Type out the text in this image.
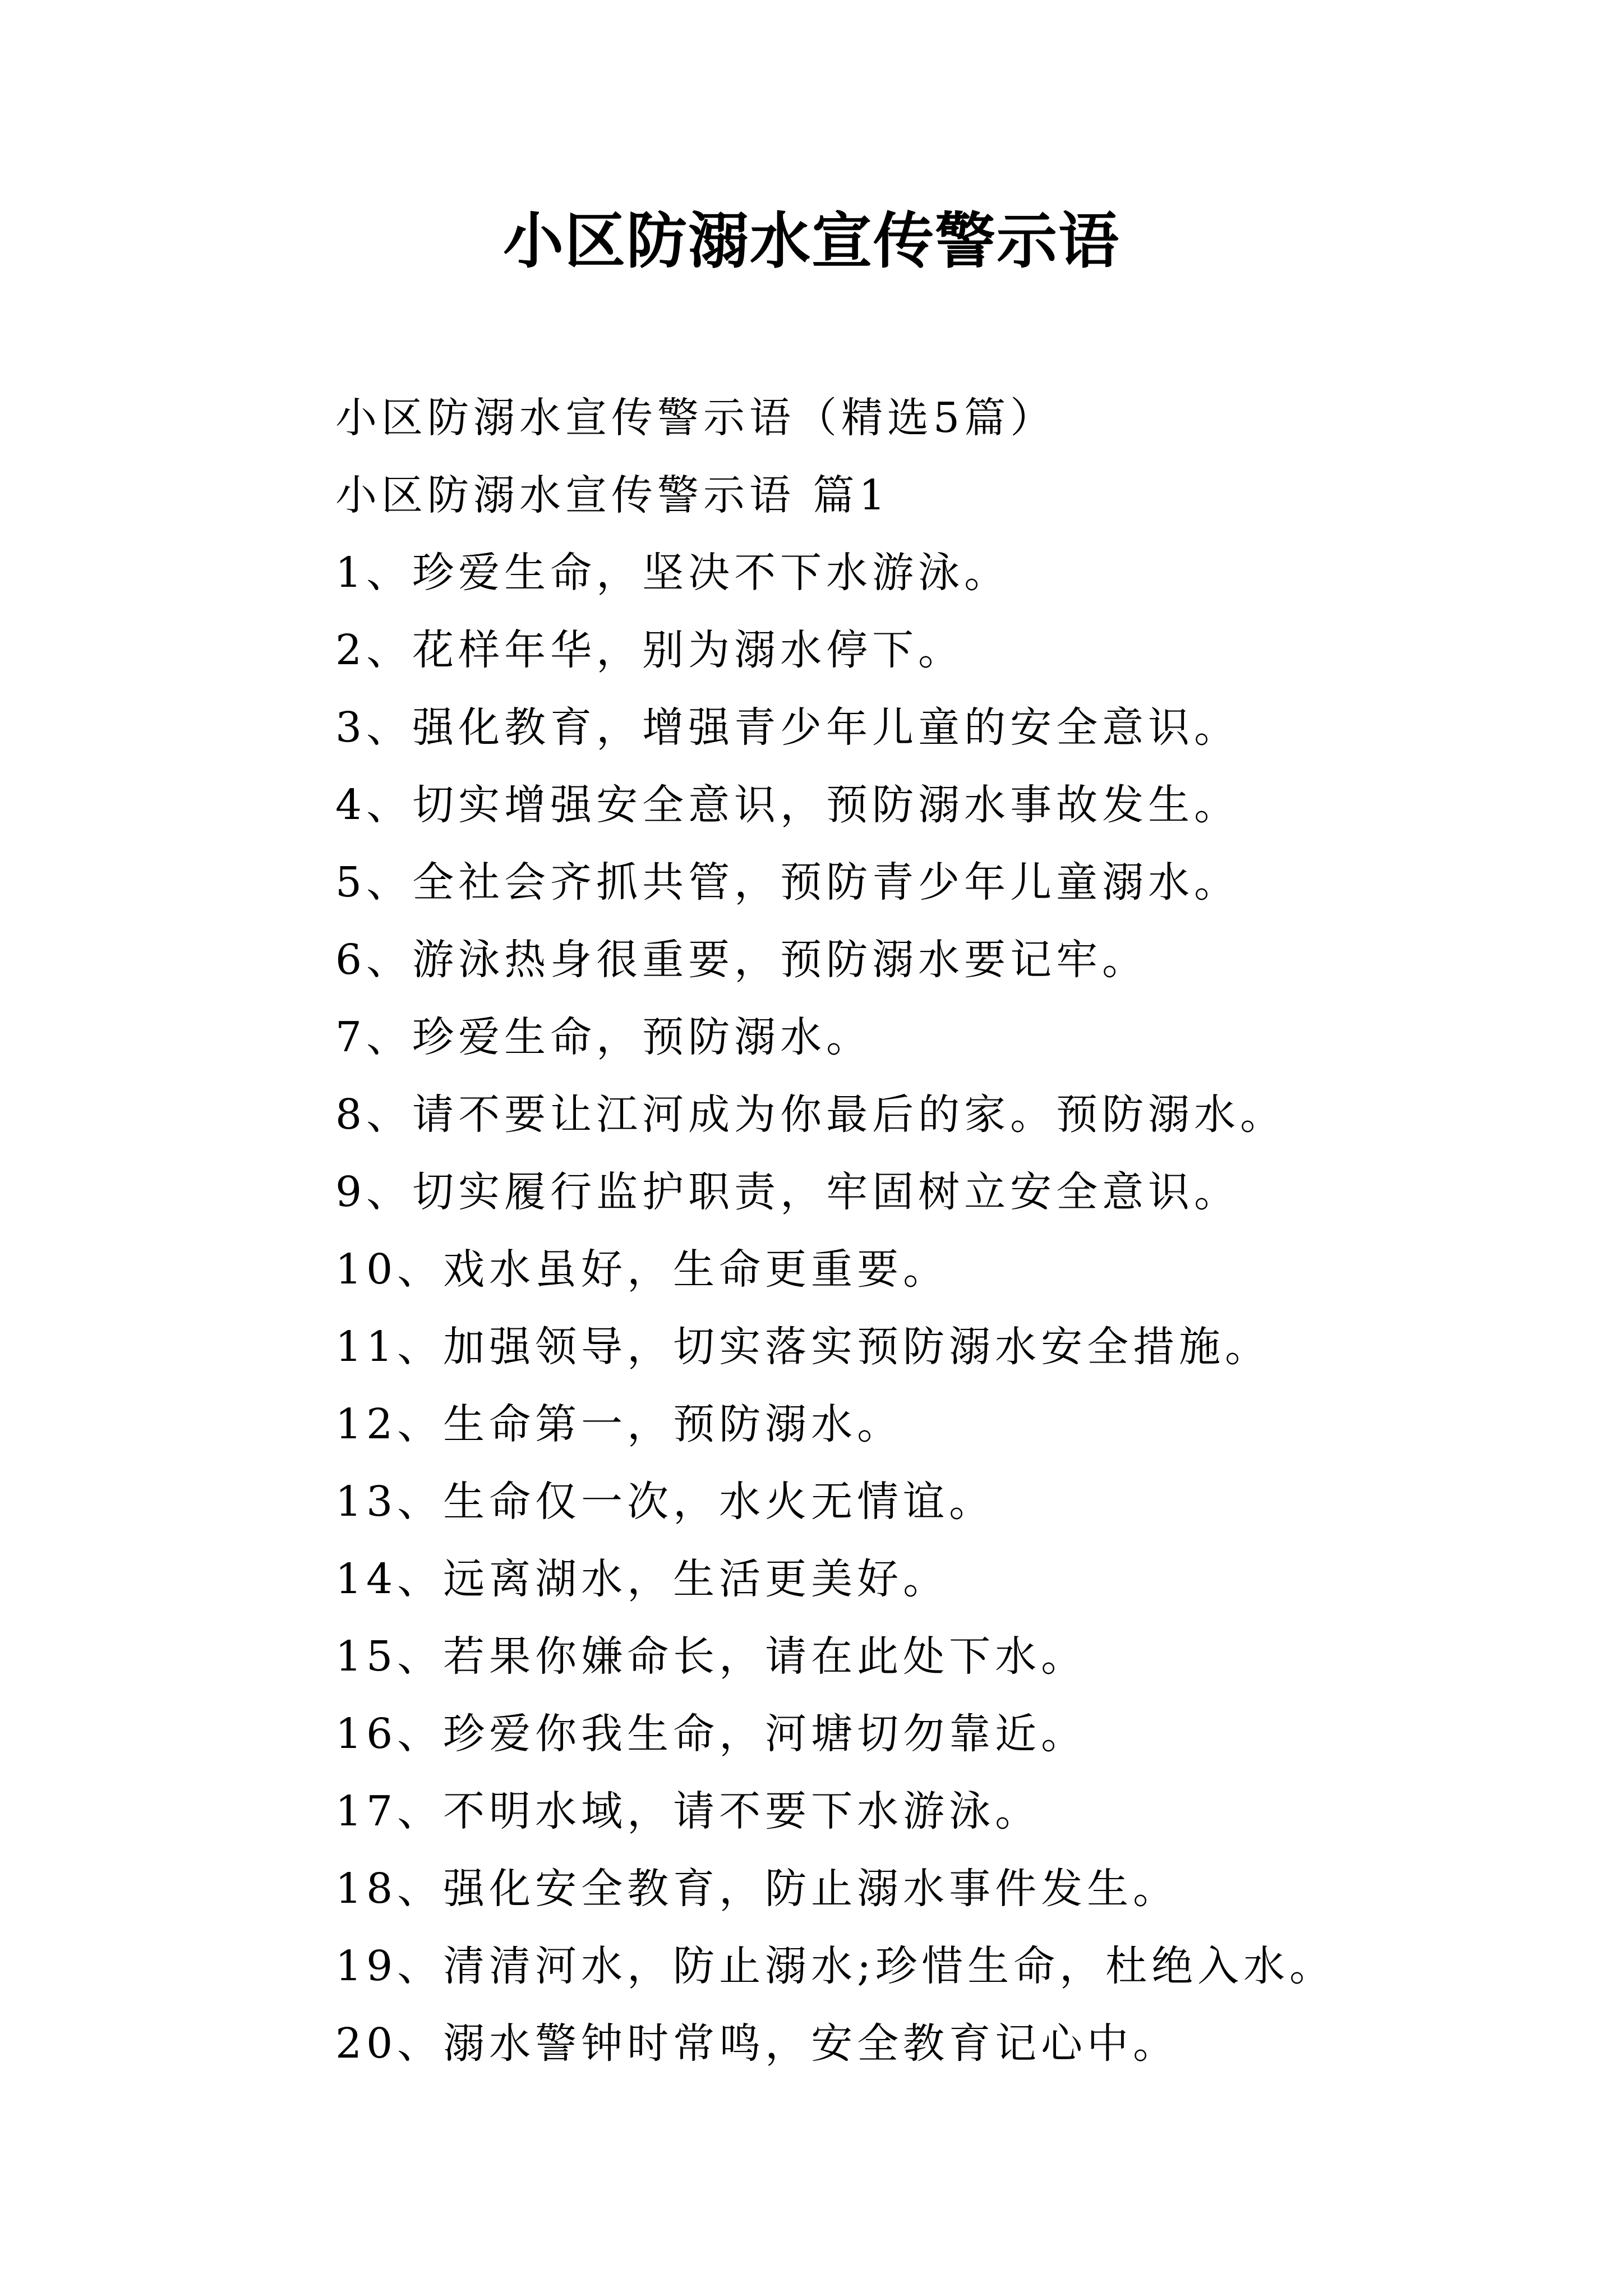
小区防溺水宣传警示语
小区防溺水宣传警示语（精选5篇）
小区防溺水宣传警示语 篇1
1、珍爱生命，坚决不下水游泳。
2、花样年华，别为溺水停下。
3、强化教育，增强青少年儿童的安全意识。
4、切实增强安全意识，预防溺水事故发生。
5、全社会齐抓共管，预防青少年儿童溺水。
6、游泳热身很重要，预防溺水要记牢。
7、珍爱生命，预防溺水。
8、请不要让江河成为你最后的家。预防溺水。
9、切实履行监护职责，牢固树立安全意识。
10、戏水虽好，生命更重要。
11、加强领导，切实落实预防溺水安全措施。
12、生命第一，预防溺水。
13、生命仅一次，水火无情谊。
14、远离湖水，生活更美好。
15、若果你嫌命长，请在此处下水。
16、珍爱你我生命，河塘切勿靠近。
17、不明水域，请不要下水游泳。
18、强化安全教育，防止溺水事件发生。
19、清清河水，防止溺水;珍惜生命，杜绝入水。
20、溺水警钟时常鸣，安全教育记心中。
